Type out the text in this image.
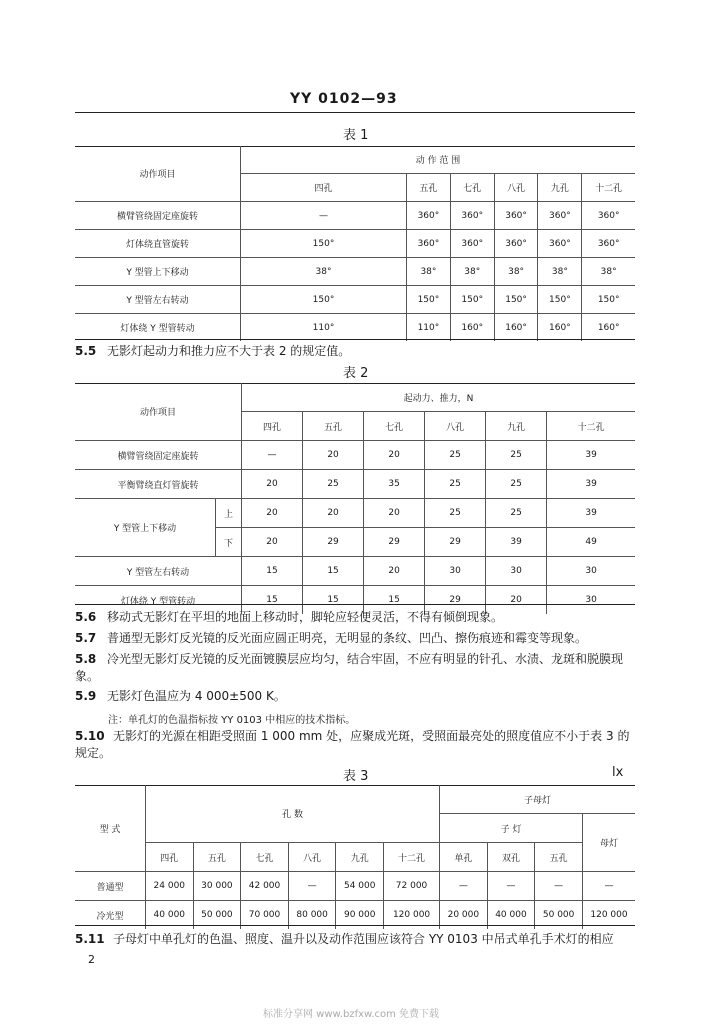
YY 0102—93
表 1
动作项目	动 作 范 围					
	四孔	五孔	七孔	八孔	九孔	十二孔
横臂管绕固定座旋转	—	360°	360°	360°	360°	360°
灯体绕直管旋转	150°	360°	360°	360°	360°	360°
Y 型管上下移动	38°	38°	38°	38°	38°	38°
Y 型管左右转动	150°	150°	150°	150°	150°	150°
灯体绕 Y 型管转动	110°	110°	160°	160°	160°	160°
5.5 无影灯起动力和推力应不大于表 2 的规定值。
表 2
动作项目		起动力、推力，N					
		四孔	五孔	七孔	八孔	九孔	十二孔
横臂管绕固定座旋转		—	20	20	25	25	39
平衡臂绕直灯管旋转		20	25	35	25	25	39
Y 型管上下移动	上	20	20	20	25	25	39
	下	20	29	29	29	39	49
Y 型管左右转动		15	15	20	30	30	30
灯体绕 Y 型管转动		15	15	15	29	20	30
5.6 移动式无影灯在平坦的地面上移动时，脚轮应轻便灵活，不得有倾倒现象。
5.7 普通型无影灯反光镜的反光面应圆正明亮，无明显的条纹、凹凸、擦伤痕迹和霉变等现象。
5.8 冷光型无影灯反光镜的反光面镀膜层应均匀，结合牢固，不应有明显的针孔、水渍、龙斑和脱膜现
象。
5.9 无影灯色温应为 4 000±500 K。
注：单孔灯的色温指标按 YY 0103 中相应的技术指标。
5.10 无影灯的光源在相距受照面 1 000 mm 处，应聚成光斑，受照面最亮处的照度值应不小于表 3 的
规定。
表 3	lx
型 式	孔 数						子母灯			
							子 灯			母灯
	四孔	五孔	七孔	八孔	九孔	十二孔	单孔	双孔	五孔	
普通型	24 000	30 000	42 000	—	54 000	72 000	—	—	—	—
冷光型	40 000	50 000	70 000	80 000	90 000	120 000	20 000	40 000	50 000	120 000
5.11 子母灯中单孔灯的色温、照度、温升以及动作范围应该符合 YY 0103 中吊式单孔手术灯的相应
2
标准分享网 www.bzfxw.com 免费下载
